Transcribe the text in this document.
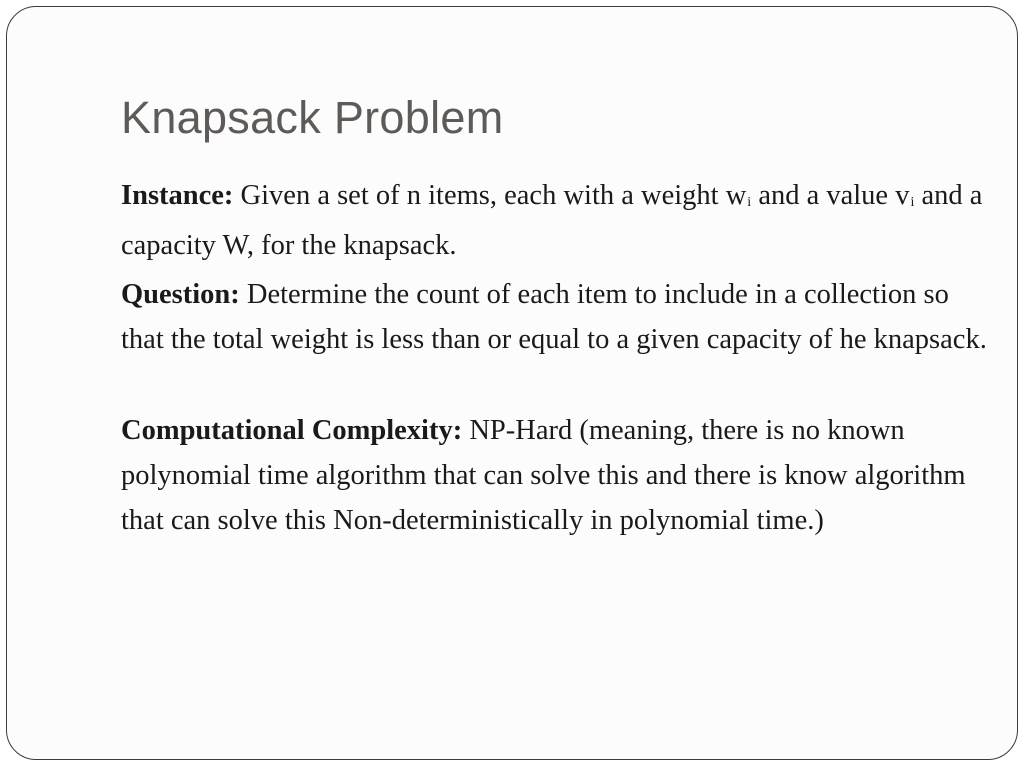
Knapsack Problem

Instance: Given a set of n items, each with a weight wi and a value vi and a capacity W, for the knapsack.

Question: Determine the count of each item to include in a collection so that the total weight is less than or equal to a given capacity of he knapsack.

Computational Complexity: NP-Hard (meaning, there is no known polynomial time algorithm that can solve this and there is know algorithm that can solve this Non-deterministically in polynomial time.)
